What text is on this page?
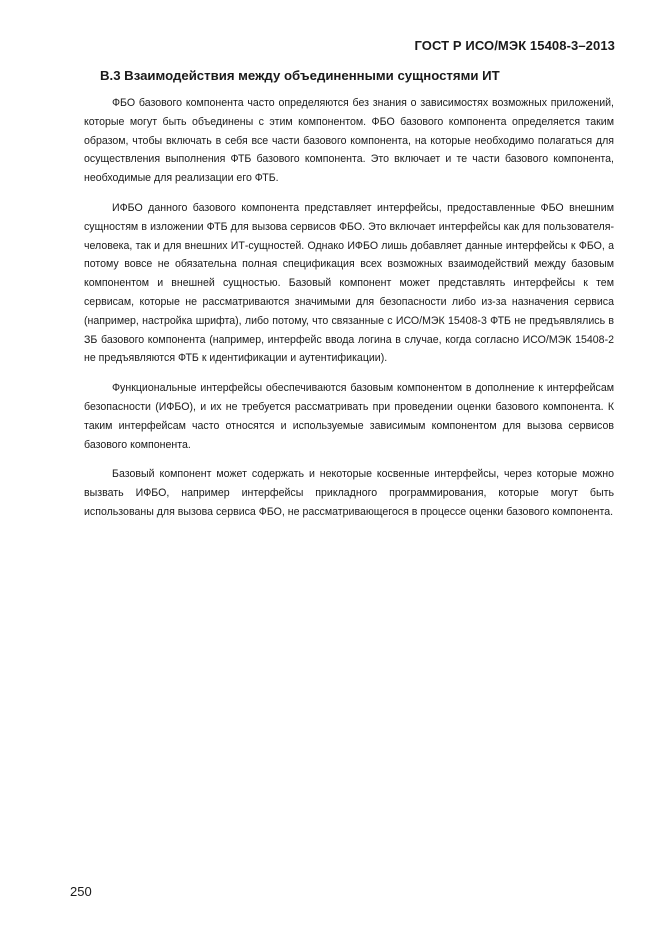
ГОСТ Р ИСО/МЭК 15408-3–2013
B.3 Взаимодействия между объединенными сущностями ИТ

ФБО базового компонента часто определяются без знания о зависимостях возможных приложений, которые могут быть объединены с этим компонентом. ФБО базового компонента определяется таким образом, чтобы включать в себя все части базового компонента, на которые необходимо полагаться для осуществления выполнения ФТБ базового компонента. Это включает и те части базового компонента, необходимые для реализации его ФТБ.

ИФБО данного базового компонента представляет интерфейсы, предоставленные ФБО внешним сущностям в изложении ФТБ для вызова сервисов ФБО. Это включает интерфейсы как для пользователя-человека, так и для внешних ИТ-сущностей. Однако ИФБО лишь добавляет данные интерфейсы к ФБО, а потому вовсе не обязательна полная спецификация всех возможных взаимодействий между базовым компонентом и внешней сущностью. Базовый компонент может представлять интерфейсы к тем сервисам, которые не рассматриваются значимыми для безопасности либо из-за назначения сервиса (например, настройка шрифта), либо потому, что связанные с ИСО/МЭК 15408-3 ФТБ не предъявлялись в ЗБ базового компонента (например, интерфейс ввода логина в случае, когда согласно ИСО/МЭК 15408-2 не предъявляются ФТБ к идентификации и аутентификации).

Функциональные интерфейсы обеспечиваются базовым компонентом в дополнение к интерфейсам безопасности (ИФБО), и их не требуется рассматривать при проведении оценки базового компонента. К таким интерфейсам часто относятся и используемые зависимым компонентом для вызова сервисов базового компонента.

Базовый компонент может содержать и некоторые косвенные интерфейсы, через которые можно вызвать ИФБО, например интерфейсы прикладного программирования, которые могут быть использованы для вызова сервиса ФБО, не рассматривающегося в процессе оценки базового компонента.

250
